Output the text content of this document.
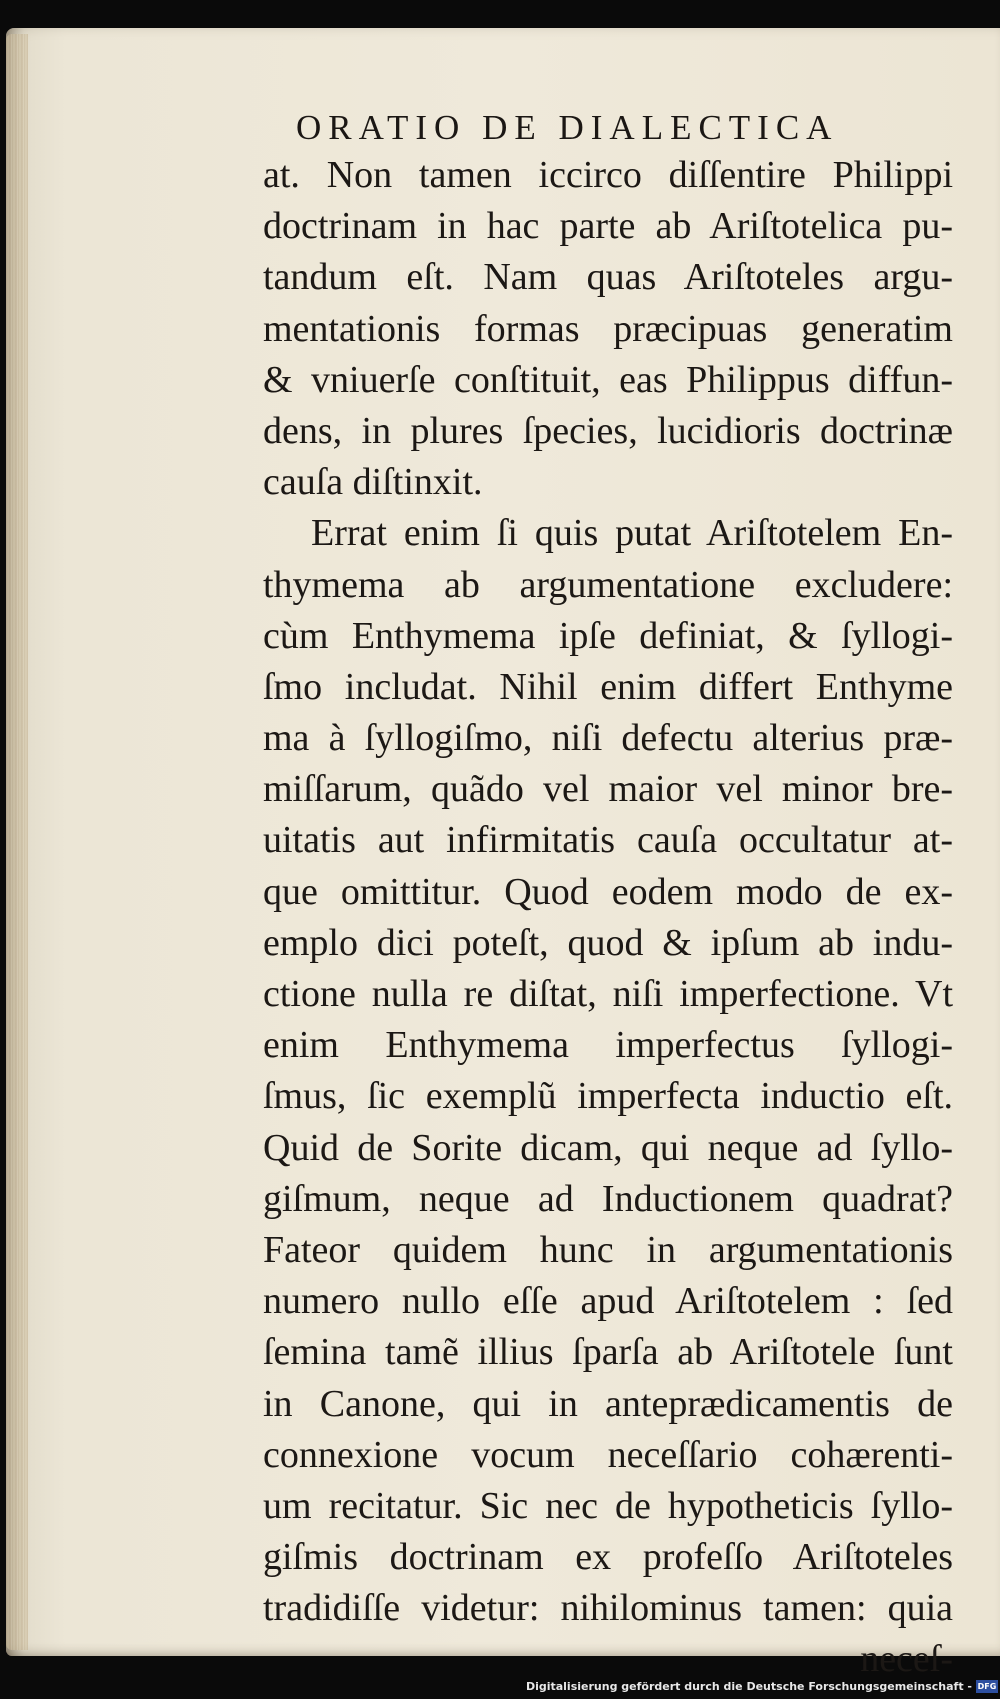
ORATIO DE DIALECTICA
at. Non tamen iccirco diſſentire Philippi
doctrinam in hac parte ab Ariſtotelica pu-
tandum eſt. Nam quas Ariſtoteles argu-
mentationis formas præcipuas generatim
& vniuerſe conſtituit, eas Philippus diffun-
dens, in plures ſpecies, lucidioris doctrinæ
cauſa diſtinxit.
Errat enim ſi quis putat Ariſtotelem En-
thymema ab argumentatione excludere:
cùm Enthymema ipſe definiat, & ſyllogi-
ſmo includat. Nihil enim differt Enthyme
ma à ſyllogiſmo, niſi defectu alterius præ-
miſſarum, quãdo vel maior vel minor bre-
uitatis aut infirmitatis cauſa occultatur at-
que omittitur. Quod eodem modo de ex-
emplo dici poteſt, quod & ipſum ab indu-
ctione nulla re diſtat, niſi imperfectione. Vt
enim Enthymema imperfectus ſyllogi-
ſmus, ſic exemplũ imperfecta inductio eſt.
Quid de Sorite dicam, qui neque ad ſyllo-
giſmum, neque ad Inductionem quadrat?
Fateor quidem hunc in argumentationis
numero nullo eſſe apud Ariſtotelem : ſed
ſemina tamẽ illius ſparſa ab Ariſtotele ſunt
in Canone, qui in anteprædicamentis de
connexione vocum neceſſario cohærenti-
um recitatur. Sic nec de hypotheticis ſyllo-
giſmis doctrinam ex profeſſo Ariſtoteles
tradidiſſe videtur: nihilominus tamen: quia
neceſ-
Digitalisierung gefördert durch die Deutsche Forschungsgemeinschaft - DFG
